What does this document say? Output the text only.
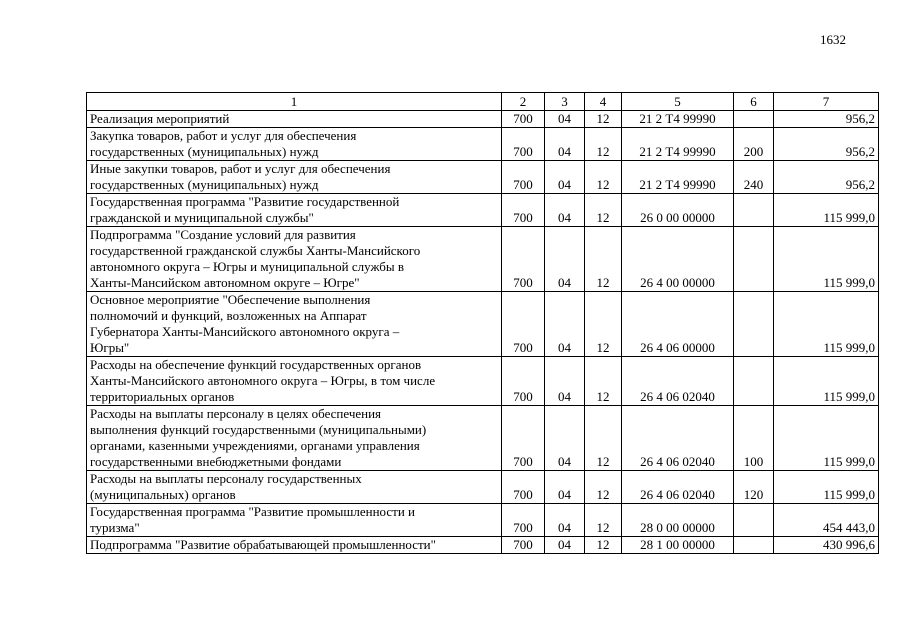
1632
1	2	3	4	5	6	7

Реализация мероприятий	700	04	12	21 2 Т4 99990		956,2

Закупка товаров, работ и услуг для обеспечения
государственных (муниципальных) нужд	700	04	12	21 2 Т4 99990	200	956,2

Иные закупки товаров, работ и услуг для обеспечения
государственных (муниципальных) нужд	700	04	12	21 2 Т4 99990	240	956,2

Государственная программа "Развитие государственной
гражданской и муниципальной службы"	700	04	12	26 0 00 00000		115 999,0

Подпрограмма "Создание условий для развития
государственной гражданской службы Ханты-Мансийского
автономного округа – Югры и муниципальной службы в
Ханты-Мансийском автономном округе – Югре"	700	04	12	26 4 00 00000		115 999,0

Основное мероприятие "Обеспечение выполнения
полномочий и функций, возложенных на Аппарат
Губернатора Ханты-Мансийского автономного округа –
Югры"	700	04	12	26 4 06 00000		115 999,0

Расходы на обеспечение функций государственных органов
Ханты-Мансийского автономного округа – Югры, в том числе
территориальных органов	700	04	12	26 4 06 02040		115 999,0

Расходы на выплаты персоналу в целях обеспечения
выполнения функций государственными (муниципальными)
органами, казенными учреждениями, органами управления
государственными внебюджетными фондами	700	04	12	26 4 06 02040	100	115 999,0

Расходы на выплаты персоналу государственных
(муниципальных) органов	700	04	12	26 4 06 02040	120	115 999,0

Государственная программа "Развитие промышленности и
туризма"	700	04	12	28 0 00 00000		454 443,0

Подпрограмма "Развитие обрабатывающей промышленности"	700	04	12	28 1 00 00000		430 996,6
